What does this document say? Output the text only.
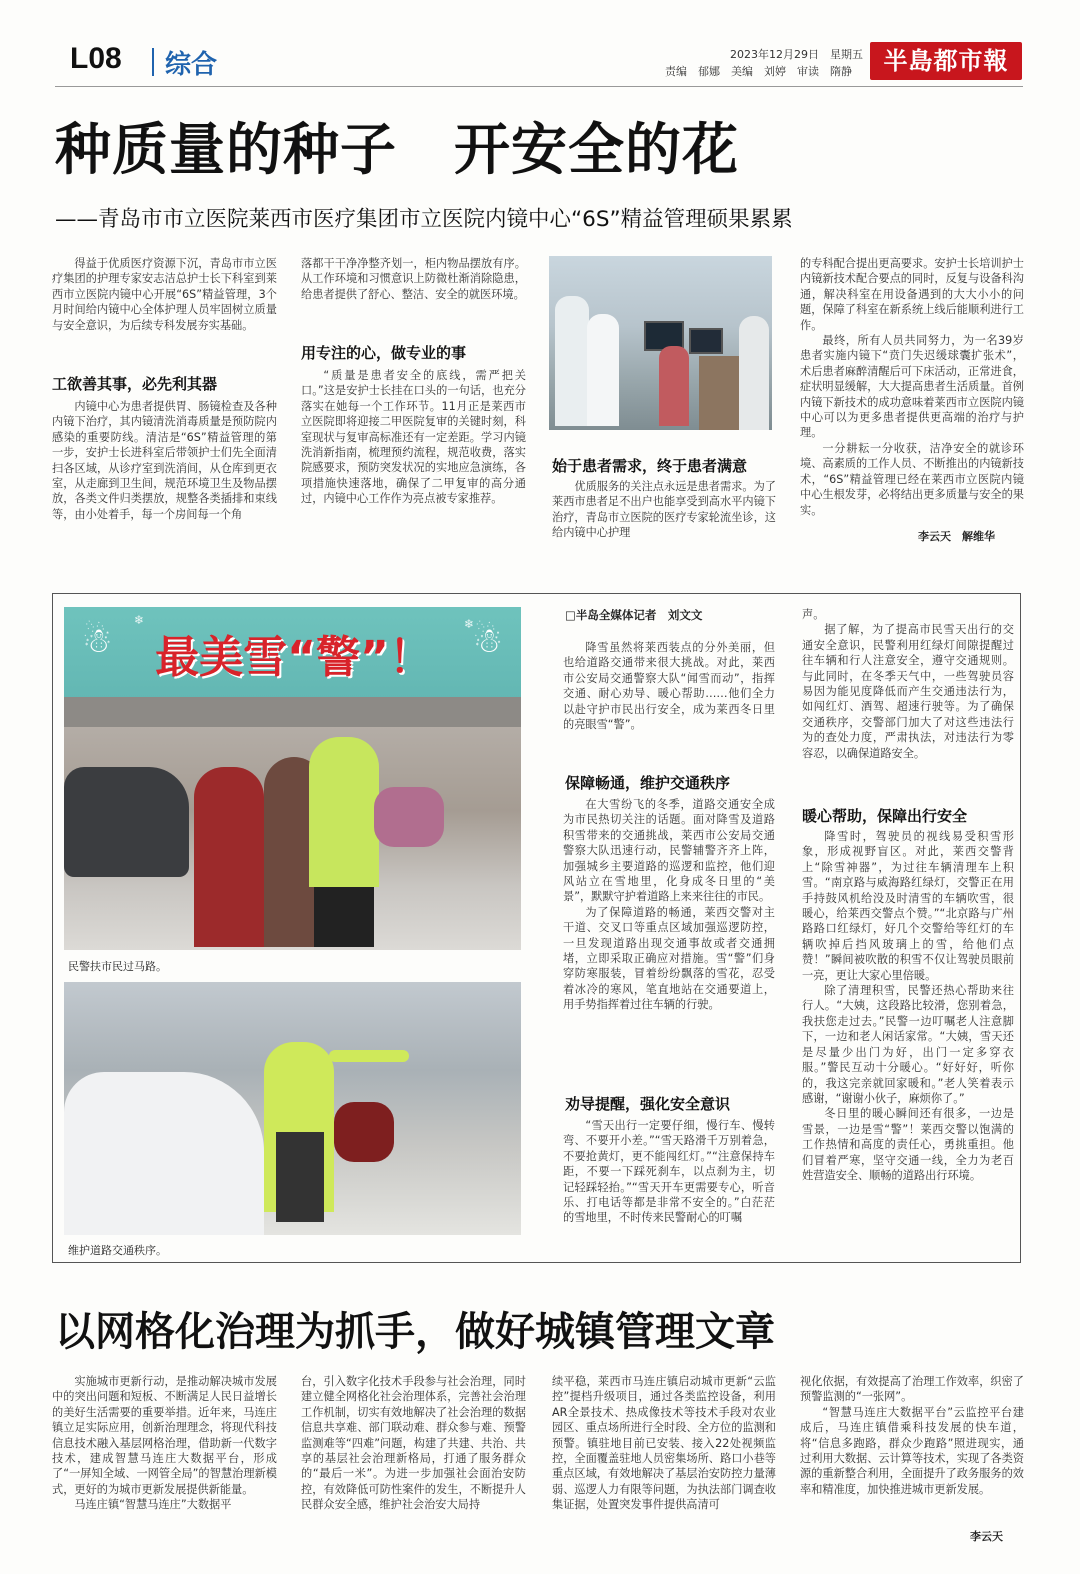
L08 综合	2023年12月29日　星期五
责编　郁娜　美编　刘婷　审读　隋静	半島都市報
种质量的种子　开安全的花
——青岛市市立医院莱西市医疗集团市立医院内镜中心“6S”精益管理硕果累累

得益于优质医疗资源下沉，青岛市市立医疗集团的护理专家安志洁总护士长下科室到莱西市立医院内镜中心开展“6S”精益管理，3个月时间给内镜中心全体护理人员牢固树立质量与安全意识，为后续专科发展夯实基础。

工欲善其事，必先利其器

内镜中心为患者提供胃、肠镜检查及各种内镜下治疗，其内镜清洗消毒质量是预防院内感染的重要防线。清洁是“6S”精益管理的第一步，安护士长进科室后带领护士们先全面清扫各区域，从诊疗室到洗消间，从仓库到更衣室，从走廊到卫生间，规范环境卫生及物品摆放，各类文件归类摆放，规整各类插排和束线等，由小处着手，每一个房间每一个角

落都干干净净整齐划一，柜内物品摆放有序。从工作环境和习惯意识上防微杜渐消除隐患，给患者提供了舒心、整洁、安全的就医环境。

用专注的心，做专业的事

“质量是患者安全的底线，需严把关口。”这是安护士长挂在口头的一句话，也充分落实在她每一个工作环节。11月正是莱西市立医院即将迎接二甲医院复审的关键时刻，科室现状与复审高标准还有一定差距。学习内镜洗消新指南，梳理预约流程，规范收费，落实院感要求，预防突发状况的实地应急演练，各项措施快速落地，确保了二甲复审的高分通过，内镜中心工作作为亮点被专家推荐。

始于患者需求，终于患者满意

优质服务的关注点永远是患者需求。为了莱西市患者足不出户也能享受到高水平内镜下治疗，青岛市立医院的医疗专家轮流坐诊，这给内镜中心护理

的专科配合提出更高要求。安护士长培训护士内镜新技术配合要点的同时，反复与设备科沟通，解决科室在用设备遇到的大大小小的问题，保障了科室在新系统上线后能顺利进行工作。

最终，所有人员共同努力，为一名39岁患者实施内镜下“贲门失迟缓球囊扩张术”，术后患者麻醉清醒后可下床活动，正常进食，症状明显缓解，大大提高患者生活质量。首例内镜下新技术的成功意味着莱西市立医院内镜中心可以为更多患者提供更高端的治疗与护理。

一分耕耘一分收获，洁净安全的就诊环境、高素质的工作人员、不断推出的内镜新技术，“6S”精益管理已经在莱西市立医院内镜中心生根发芽，必将结出更多质量与安全的果实。

李云天　解维华
☃	☃
❄	❄
最美雪“警”！
民警扶市民过马路。
维护道路交通秩序。
□半岛全媒体记者　刘文文

降雪虽然将莱西装点的分外美丽，但也给道路交通带来很大挑战。对此，莱西市公安局交通警察大队“闻雪而动”，指挥交通、耐心劝导、暖心帮助……他们全力以赴守护市民出行安全，成为莱西冬日里的亮眼雪“警”。

保障畅通，维护交通秩序

在大雪纷飞的冬季，道路交通安全成为市民热切关注的话题。面对降雪及道路积雪带来的交通挑战，莱西市公安局交通警察大队迅速行动，民警辅警齐齐上阵，加强城乡主要道路的巡逻和监控，他们迎风站立在雪地里，化身成冬日里的“美景”，默默守护着道路上来来往往的市民。

为了保障道路的畅通，莱西交警对主干道、交叉口等重点区域加强巡逻防控，一旦发现道路出现交通事故或者交通拥堵，立即采取正确应对措施。雪“警”们身穿防寒服装，冒着纷纷飘落的雪花，忍受着冰冷的寒风，笔直地站在交通要道上，用手势指挥着过往车辆的行驶。

劝导提醒，强化安全意识

“雪天出行一定要仔细，慢行车、慢转弯、不要开小差。”“雪天路滑千万别着急，不要抢黄灯，更不能闯红灯。”“注意保持车距，不要一下踩死刹车，以点刹为主，切记轻踩轻抬。”“雪天开车更需要专心，听音乐、打电话等都是非常不安全的。”白茫茫的雪地里，不时传来民警耐心的叮嘱

声。

据了解，为了提高市民雪天出行的交通安全意识，民警利用红绿灯间隙提醒过往车辆和行人注意安全，遵守交通规则。与此同时，在冬季天气中，一些驾驶员容易因为能见度降低而产生交通违法行为，如闯红灯、酒驾、超速行驶等。为了确保交通秩序，交警部门加大了对这些违法行为的查处力度，严肃执法，对违法行为零容忍，以确保道路安全。

暖心帮助，保障出行安全

降雪时，驾驶员的视线易受积雪形象，形成视野盲区。对此，莱西交警背上“除雪神器”，为过往车辆清理车上积雪。“南京路与威海路红绿灯，交警正在用手持鼓风机给没及时清雪的车辆吹雪，很暖心，给莱西交警点个赞。”“北京路与广州路路口红绿灯，好几个交警给等红灯的车辆吹掉后挡风玻璃上的雪，给他们点赞！”瞬间被吹散的积雪不仅让驾驶员眼前一亮，更让大家心里倍暖。

除了清理积雪，民警还热心帮助来往行人。“大姨，这段路比较滑，您别着急，我扶您走过去。”民警一边叮嘱老人注意脚下，一边和老人闲话家常。“大姨，雪天还是尽量少出门为好，出门一定多穿衣服。”警民互动十分暖心。“好好好，听你的，我这完亲就回家暖和。”老人笑着表示感谢，“谢谢小伙子，麻烦你了。”

冬日里的暖心瞬间还有很多，一边是雪景，一边是雪“警”！莱西交警以饱满的工作热情和高度的责任心，勇挑重担。他们冒着严寒，坚守交通一线，全力为老百姓营造安全、顺畅的道路出行环境。

以网格化治理为抓手，做好城镇管理文章

实施城市更新行动，是推动解决城市发展中的突出问题和短板、不断满足人民日益增长的美好生活需要的重要举措。近年来，马连庄镇立足实际应用，创新治理理念，将现代科技信息技术融入基层网格治理，借助新一代数字技术，建成智慧马连庄大数据平台，形成了“一屏知全域、一网管全局”的智慧治理新模式，更好的为城市更新发展提供新能量。

马连庄镇“智慧马连庄”大数据平

台，引入数字化技术手段参与社会治理，同时建立健全网格化社会治理体系，完善社会治理工作机制，切实有效地解决了社会治理的数据信息共享难、部门联动难、群众参与难、预警监测难等“四难”问题，构建了共建、共治、共享的基层社会治理新格局，打通了服务群众的“最后一米”。为进一步加强社会面治安防控，有效降低可防性案件的发生，不断提升人民群众安全感，维护社会治安大局持

续平稳，莱西市马连庄镇启动城市更新“云监控”提档升级项目，通过各类监控设备，利用AR全景技术、热成像技术等技术手段对农业园区、重点场所进行全时段、全方位的监测和预警。镇驻地目前已安装、接入22处视频监控，全面覆盖驻地人员密集场所、路口小巷等重点区域，有效地解决了基层治安防控力量薄弱、巡逻人力有限等问题，为执法部门调查收集证据，处置突发事件提供高清可

视化依据，有效提高了治理工作效率，织密了预警监测的“一张网”。

“智慧马连庄大数据平台”云监控平台建成后，马连庄镇借乘科技发展的快车道，将“信息多跑路，群众少跑路”照进现实，通过利用大数据、云计算等技术，实现了各类资源的重新整合利用，全面提升了政务服务的效率和精准度，加快推进城市更新发展。

李云天
